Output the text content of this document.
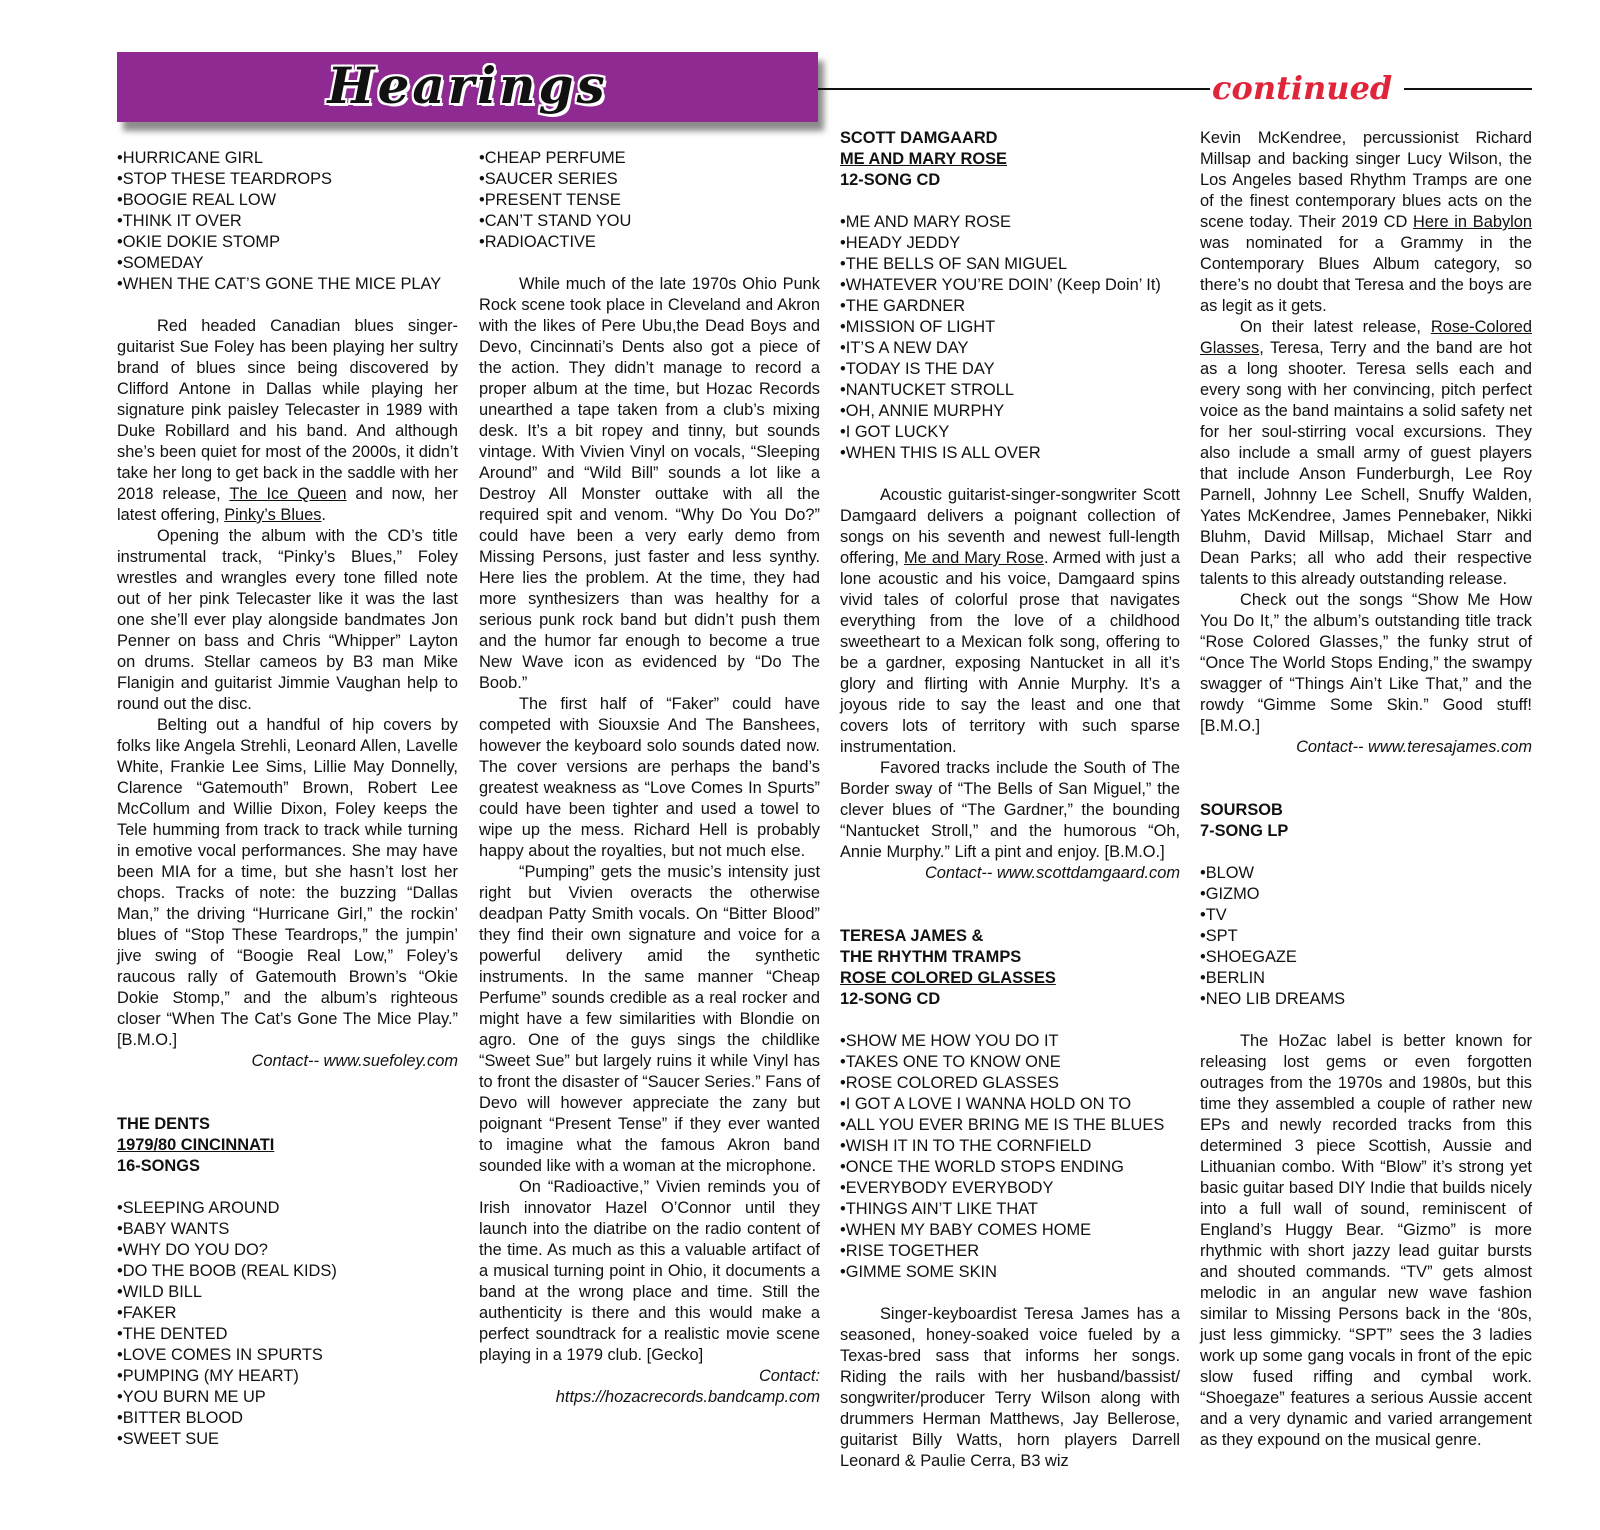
Hearings	continued
• HURRICANE GIRL
• STOP THESE TEARDROPS
• BOOGIE REAL LOW
• THINK IT OVER
• OKIE DOKIE STOMP
• SOMEDAY
• WHEN THE CAT’S GONE THE MICE PLAY

Red headed Canadian blues singer-guitarist Sue Foley has been playing her sultry brand of blues since being discovered by Clifford Antone in Dallas while playing her signature pink paisley Telecaster in 1989 with Duke Robillard and his band. And although she’s been quiet for most of the 2000s, it didn’t take her long to get back in the saddle with her 2018 release, The Ice Queen and now, her latest offering, Pinky’s Blues.

Opening the album with the CD’s title instrumental track, “Pinky’s Blues,” Foley wrestles and wrangles every tone filled note out of her pink Telecaster like it was the last one she’ll ever play alongside bandmates Jon Penner on bass and Chris “Whipper” Layton on drums. Stellar cameos by B3 man Mike Flanigin and guitarist Jimmie Vaughan help to round out the disc.

Belting out a handful of hip covers by folks like Angela Strehli, Leonard Allen, Lavelle White, Frankie Lee Sims, Lillie May Donnelly, Clarence “Gatemouth” Brown, Robert Lee McCollum and Willie Dixon, Foley keeps the Tele humming from track to track while turning in emotive vocal performances. She may have been MIA for a time, but she hasn’t lost her chops. Tracks of note: the buzzing “Dallas Man,” the driving “Hurricane Girl,” the rockin’ blues of “Stop These Teardrops,” the jumpin’ jive swing of “Boogie Real Low,” Foley’s raucous rally of Gatemouth Brown’s “Okie Dokie Stomp,” and the album’s righteous closer “When The Cat’s Gone The Mice Play.” [B.M.O.]

Contact-- www.suefoley.com
THE DENTS
1979/80 CINCINNATI
16-SONGS
• SLEEPING AROUND
• BABY WANTS
• WHY DO YOU DO?
• DO THE BOOB (REAL KIDS)
• WILD BILL
• FAKER
• THE DENTED
• LOVE COMES IN SPURTS
• PUMPING (MY HEART)
• YOU BURN ME UP
• BITTER BLOOD
• SWEET SUE
• CHEAP PERFUME
• SAUCER SERIES
• PRESENT TENSE
• CAN’T STAND YOU
• RADIOACTIVE

While much of the late 1970s Ohio Punk Rock scene took place in Cleveland and Akron with the likes of Pere Ubu,the Dead Boys and Devo, Cincinnati’s Dents also got a piece of the action. They didn’t manage to record a proper album at the time, but Hozac Records unearthed a tape taken from a club’s mixing desk. It’s a bit ropey and tinny, but sounds vintage. With Vivien Vinyl on vocals, “Sleeping Around” and “Wild Bill” sounds a lot like a Destroy All Monster outtake with all the required spit and venom. “Why Do You Do?” could have been a very early demo from Missing Persons, just faster and less synthy. Here lies the problem. At the time, they had more synthesizers than was healthy for a serious punk rock band but didn’t push them and the humor far enough to become a true New Wave icon as evidenced by “Do The Boob.”

The first half of “Faker” could have competed with Siouxsie And The Banshees, however the keyboard solo sounds dated now. The cover versions are perhaps the band’s greatest weakness as “Love Comes In Spurts” could have been tighter and used a towel to wipe up the mess. Richard Hell is probably happy about the royalties, but not much else.

“Pumping” gets the music’s intensity just right but Vivien overacts the otherwise deadpan Patty Smith vocals. On “Bitter Blood” they find their own signature and voice for a powerful delivery amid the synthetic instruments. In the same manner “Cheap Perfume” sounds credible as a real rocker and might have a few similarities with Blondie on agro. One of the guys sings the childlike “Sweet Sue” but largely ruins it while Vinyl has to front the disaster of “Saucer Series.” Fans of Devo will however appreciate the zany but poignant “Present Tense” if they ever wanted to imagine what the famous Akron band sounded like with a woman at the microphone.

On “Radioactive,” Vivien reminds you of Irish innovator Hazel O’Connor until they launch into the diatribe on the radio content of the time. As much as this a valuable artifact of a musical turning point in Ohio, it documents a band at the wrong place and time. Still the authenticity is there and this would make a perfect soundtrack for a realistic movie scene playing in a 1979 club. [Gecko]

Contact:
https://hozacrecords.bandcamp.com
SCOTT DAMGAARD
ME AND MARY ROSE
12-SONG CD
• ME AND MARY ROSE
• HEADY JEDDY
• THE BELLS OF SAN MIGUEL
• WHATEVER YOU’RE DOIN’ (Keep Doin’ It)
• THE GARDNER
• MISSION OF LIGHT
• IT’S A NEW DAY
• TODAY IS THE DAY
• NANTUCKET STROLL
• OH, ANNIE MURPHY
• I GOT LUCKY
• WHEN THIS IS ALL OVER

Acoustic guitarist-singer-songwriter Scott Damgaard delivers a poignant collection of songs on his seventh and newest full-length offering, Me and Mary Rose. Armed with just a lone acoustic and his voice, Damgaard spins vivid tales of colorful prose that navigates everything from the love of a childhood sweetheart to a Mexican folk song, offering to be a gardner, exposing Nantucket in all it’s glory and flirting with Annie Murphy. It’s a joyous ride to say the least and one that covers lots of territory with such sparse instrumentation.

Favored tracks include the South of The Border sway of “The Bells of San Miguel,” the clever blues of “The Gardner,” the bounding “Nantucket Stroll,” and the humorous “Oh, Annie Murphy.” Lift a pint and enjoy. [B.M.O.]

Contact-- www.scottdamgaard.com
TERESA JAMES &
THE RHYTHM TRAMPS
ROSE COLORED GLASSES
12-SONG CD
• SHOW ME HOW YOU DO IT
• TAKES ONE TO KNOW ONE
• ROSE COLORED GLASSES
• I GOT A LOVE I WANNA HOLD ON TO
• ALL YOU EVER BRING ME IS THE BLUES
• WISH IT IN TO THE CORNFIELD
• ONCE THE WORLD STOPS ENDING
• EVERYBODY EVERYBODY
• THINGS AIN’T LIKE THAT
• WHEN MY BABY COMES HOME
• RISE TOGETHER
• GIMME SOME SKIN

Singer-keyboardist Teresa James has a seasoned, honey-soaked voice fueled by a Texas-bred sass that informs her songs. Riding the rails with her husband/bassist/ songwriter/producer Terry Wilson along with drummers Herman Matthews, Jay Bellerose, guitarist Billy Watts, horn players Darrell Leonard & Paulie Cerra, B3 wiz

Kevin McKendree, percussionist Richard Millsap and backing singer Lucy Wilson, the Los Angeles based Rhythm Tramps are one of the finest contemporary blues acts on the scene today. Their 2019 CD Here in Babylon was nominated for a Grammy in the Contemporary Blues Album category, so there’s no doubt that Teresa and the boys are as legit as it gets.

On their latest release, Rose-Colored Glasses, Teresa, Terry and the band are hot as a long shooter. Teresa sells each and every song with her convincing, pitch perfect voice as the band maintains a solid safety net for her soul-stirring vocal excursions. They also include a small army of guest players that include Anson Funderburgh, Lee Roy Parnell, Johnny Lee Schell, Snuffy Walden, Yates McKendree, James Pennebaker, Nikki Bluhm, David Millsap, Michael Starr and Dean Parks; all who add their respective talents to this already outstanding release.

Check out the songs “Show Me How You Do It,” the album’s outstanding title track “Rose Colored Glasses,” the funky strut of “Once The World Stops Ending,” the swampy swagger of “Things Ain’t Like That,” and the rowdy “Gimme Some Skin.” Good stuff! [B.M.O.]

Contact-- www.teresajames.com
SOURSOB
7-SONG LP
• BLOW
• GIZMO
• TV
• SPT
• SHOEGAZE
• BERLIN
• NEO LIB DREAMS

The HoZac label is better known for releasing lost gems or even forgotten outrages from the 1970s and 1980s, but this time they assembled a couple of rather new EPs and newly recorded tracks from this determined 3 piece Scottish, Aussie and Lithuanian combo. With “Blow” it’s strong yet basic guitar based DIY Indie that builds nicely into a full wall of sound, reminiscent of England’s Huggy Bear. “Gizmo” is more rhythmic with short jazzy lead guitar bursts and shouted commands. “TV” gets almost melodic in an angular new wave fashion similar to Missing Persons back in the ‘80s, just less gimmicky. “SPT” sees the 3 ladies work up some gang vocals in front of the epic slow fused riffing and cymbal work. “Shoegaze” features a serious Aussie accent and a very dynamic and varied arrangement as they expound on the musical genre.
